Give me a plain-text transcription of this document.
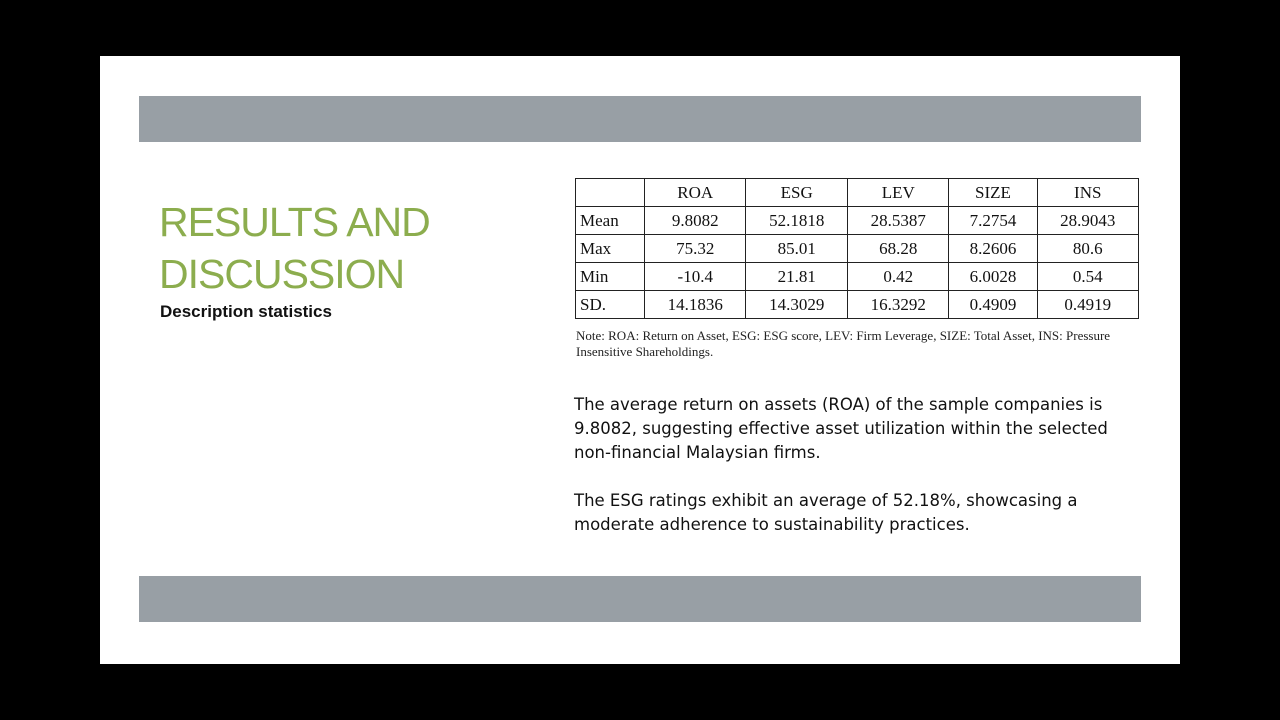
RESULTS AND DISCUSSION

Description statistics

	ROA	ESG	LEV	SIZE	INS
Mean	9.8082	52.1818	28.5387	7.2754	28.9043
Max	75.32	85.01	68.28	8.2606	80.6
Min	-10.4	21.81	0.42	6.0028	0.54
SD.	14.1836	14.3029	16.3292	0.4909	0.4919
Note: ROA: Return on Asset, ESG: ESG score, LEV: Firm Leverage, SIZE: Total Asset, INS: Pressure Insensitive Shareholdings.

The average return on assets (ROA) of the sample companies is 9.8082, suggesting effective asset utilization within the selected non-financial Malaysian firms.

The ESG ratings exhibit an average of 52.18%, showcasing a moderate adherence to sustainability practices.
